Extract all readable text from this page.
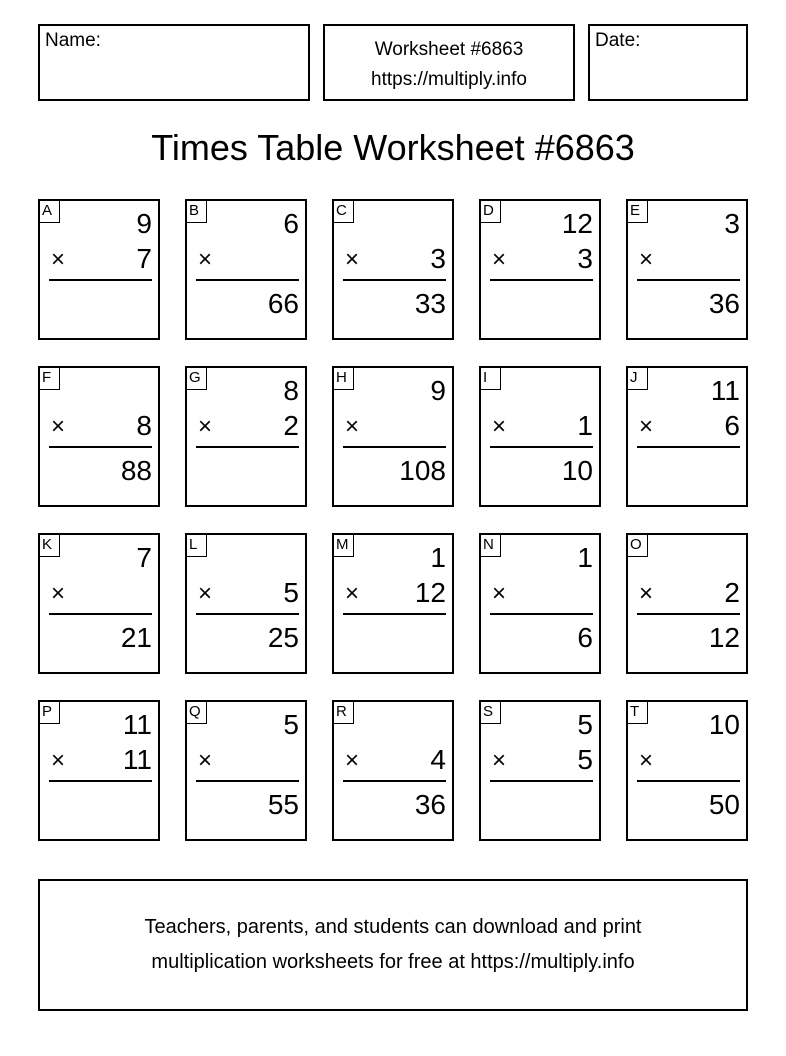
Name:	Worksheet #6863
https://multiply.info
Date:
Times Table Worksheet #6863
A	9
×	7
B	6
×
66
C
×	3
33
D 12
×	3
E	3
×
36
F
×	8
88
G	8
×	2
H	9
×
108
I
×	1
10
J	11
×	6
K	7
×
21
L
×	5
25
M	1
× 12
N	1
×
6
O
×	2
12
P	11
× 11
Q	5
×
55
R
×	4
36
S	5
×	5
T	10
×
50
Teachers, parents, and students can download and print
multiplication worksheets for free at https://multiply.info
